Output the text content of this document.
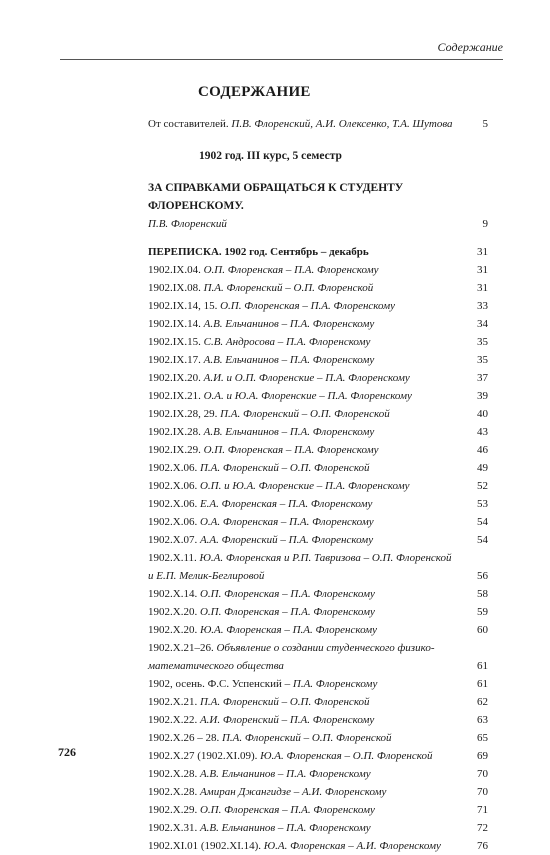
Содержание
СОДЕРЖАНИЕ
От составителей. П.В. Флоренский, А.И. Олексенко, Т.А. Шутова	5
1902 год. III курс, 5 семестр
ЗА СПРАВКАМИ ОБРАЩАТЬСЯ К СТУДЕНТУ ФЛОРЕНСКОМУ.
П.В. Флоренский	9
ПЕРЕПИСКА. 1902 год. Сентябрь – декабрь	31
1902.IX.04. О.П. Флоренская – П.А. Флоренскому	31
1902.IX.08. П.А. Флоренский – О.П. Флоренской	31
1902.IX.14, 15. О.П. Флоренская – П.А. Флоренскому	33
1902.IX.14. А.В. Ельчанинов – П.А. Флоренскому	34
1902.IX.15. С.В. Андросова – П.А. Флоренскому	35
1902.IX.17. А.В. Ельчанинов – П.А. Флоренскому	35
1902.IX.20. А.И. и О.П. Флоренские – П.А. Флоренскому	37
1902.IX.21. О.А. и Ю.А. Флоренские – П.А. Флоренскому	39
1902.IX.28, 29. П.А. Флоренский – О.П. Флоренской	40
1902.IX.28. А.В. Ельчанинов – П.А. Флоренскому	43
1902.IX.29. О.П. Флоренская – П.А. Флоренскому	46
1902.X.06. П.А. Флоренский – О.П. Флоренской	49
1902.X.06. О.П. и Ю.А. Флоренские – П.А. Флоренскому	52
1902.X.06. Е.А. Флоренская – П.А. Флоренскому	53
1902.X.06. О.А. Флоренская – П.А. Флоренскому	54
1902.X.07. А.А. Флоренский – П.А. Флоренскому	54
1902.X.11. Ю.А. Флоренская и Р.П. Тавризова – О.П. Флоренской и Е.П. Мелик-Беглировой	56
1902.X.14. О.П. Флоренская – П.А. Флоренскому	58
1902.X.20. О.П. Флоренская – П.А. Флоренскому	59
1902.X.20. Ю.А. Флоренская – П.А. Флоренскому	60
1902.X.21–26. Объявление о создании студенческого физико-математического общества	61
1902, осень. Ф.С. Успенский – П.А. Флоренскому	61
1902.X.21. П.А. Флоренский – О.П. Флоренской	62
1902.X.22. А.И. Флоренский – П.А. Флоренскому	63
1902.X.26 – 28. П.А. Флоренский – О.П. Флоренской	65
1902.X.27 (1902.XI.09). Ю.А. Флоренская – О.П. Флоренской	69
1902.X.28. А.В. Ельчанинов – П.А. Флоренскому	70
1902.X.28. Амиран Джангидзе – А.И. Флоренскому	70
1902.X.29. О.П. Флоренская – П.А. Флоренскому	71
1902.X.31. А.В. Ельчанинов – П.А. Флоренскому	72
1902.XI.01 (1902.XI.14). Ю.А. Флоренская – А.И. Флоренскому	76
726
